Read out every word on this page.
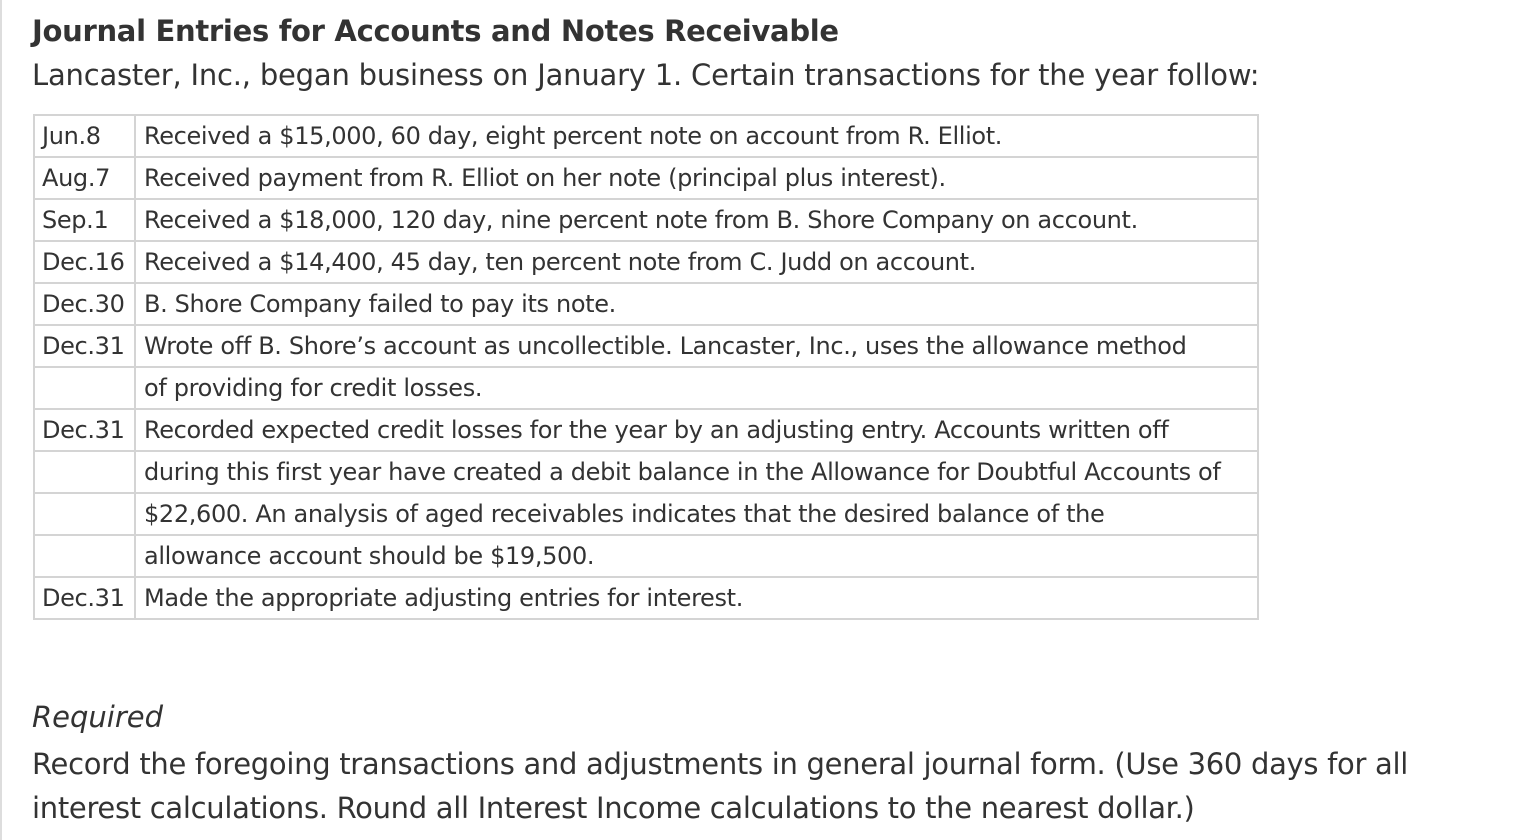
Journal Entries for Accounts and Notes Receivable

Lancaster, Inc., began business on January 1. Certain transactions for the year follow:

Jun.8	Received a $15,000, 60 day, eight percent note on account from R. Elliot.
Aug.7	Received payment from R. Elliot on her note (principal plus interest).
Sep.1	Received a $18,000, 120 day, nine percent note from B. Shore Company on account.
Dec.16	Received a $14,400, 45 day, ten percent note from C. Judd on account.
Dec.30	B. Shore Company failed to pay its note.
Dec.31	Wrote off B. Shore’s account as uncollectible. Lancaster, Inc., uses the allowance method
	of providing for credit losses.
Dec.31	Recorded expected credit losses for the year by an adjusting entry. Accounts written off
	during this first year have created a debit balance in the Allowance for Doubtful Accounts of
	$22,600. An analysis of aged receivables indicates that the desired balance of the
	allowance account should be $19,500.
Dec.31	Made the appropriate adjusting entries for interest.

Required

Record the foregoing transactions and adjustments in general journal form. (Use 360 days for all interest calculations. Round all Interest Income calculations to the nearest dollar.)
